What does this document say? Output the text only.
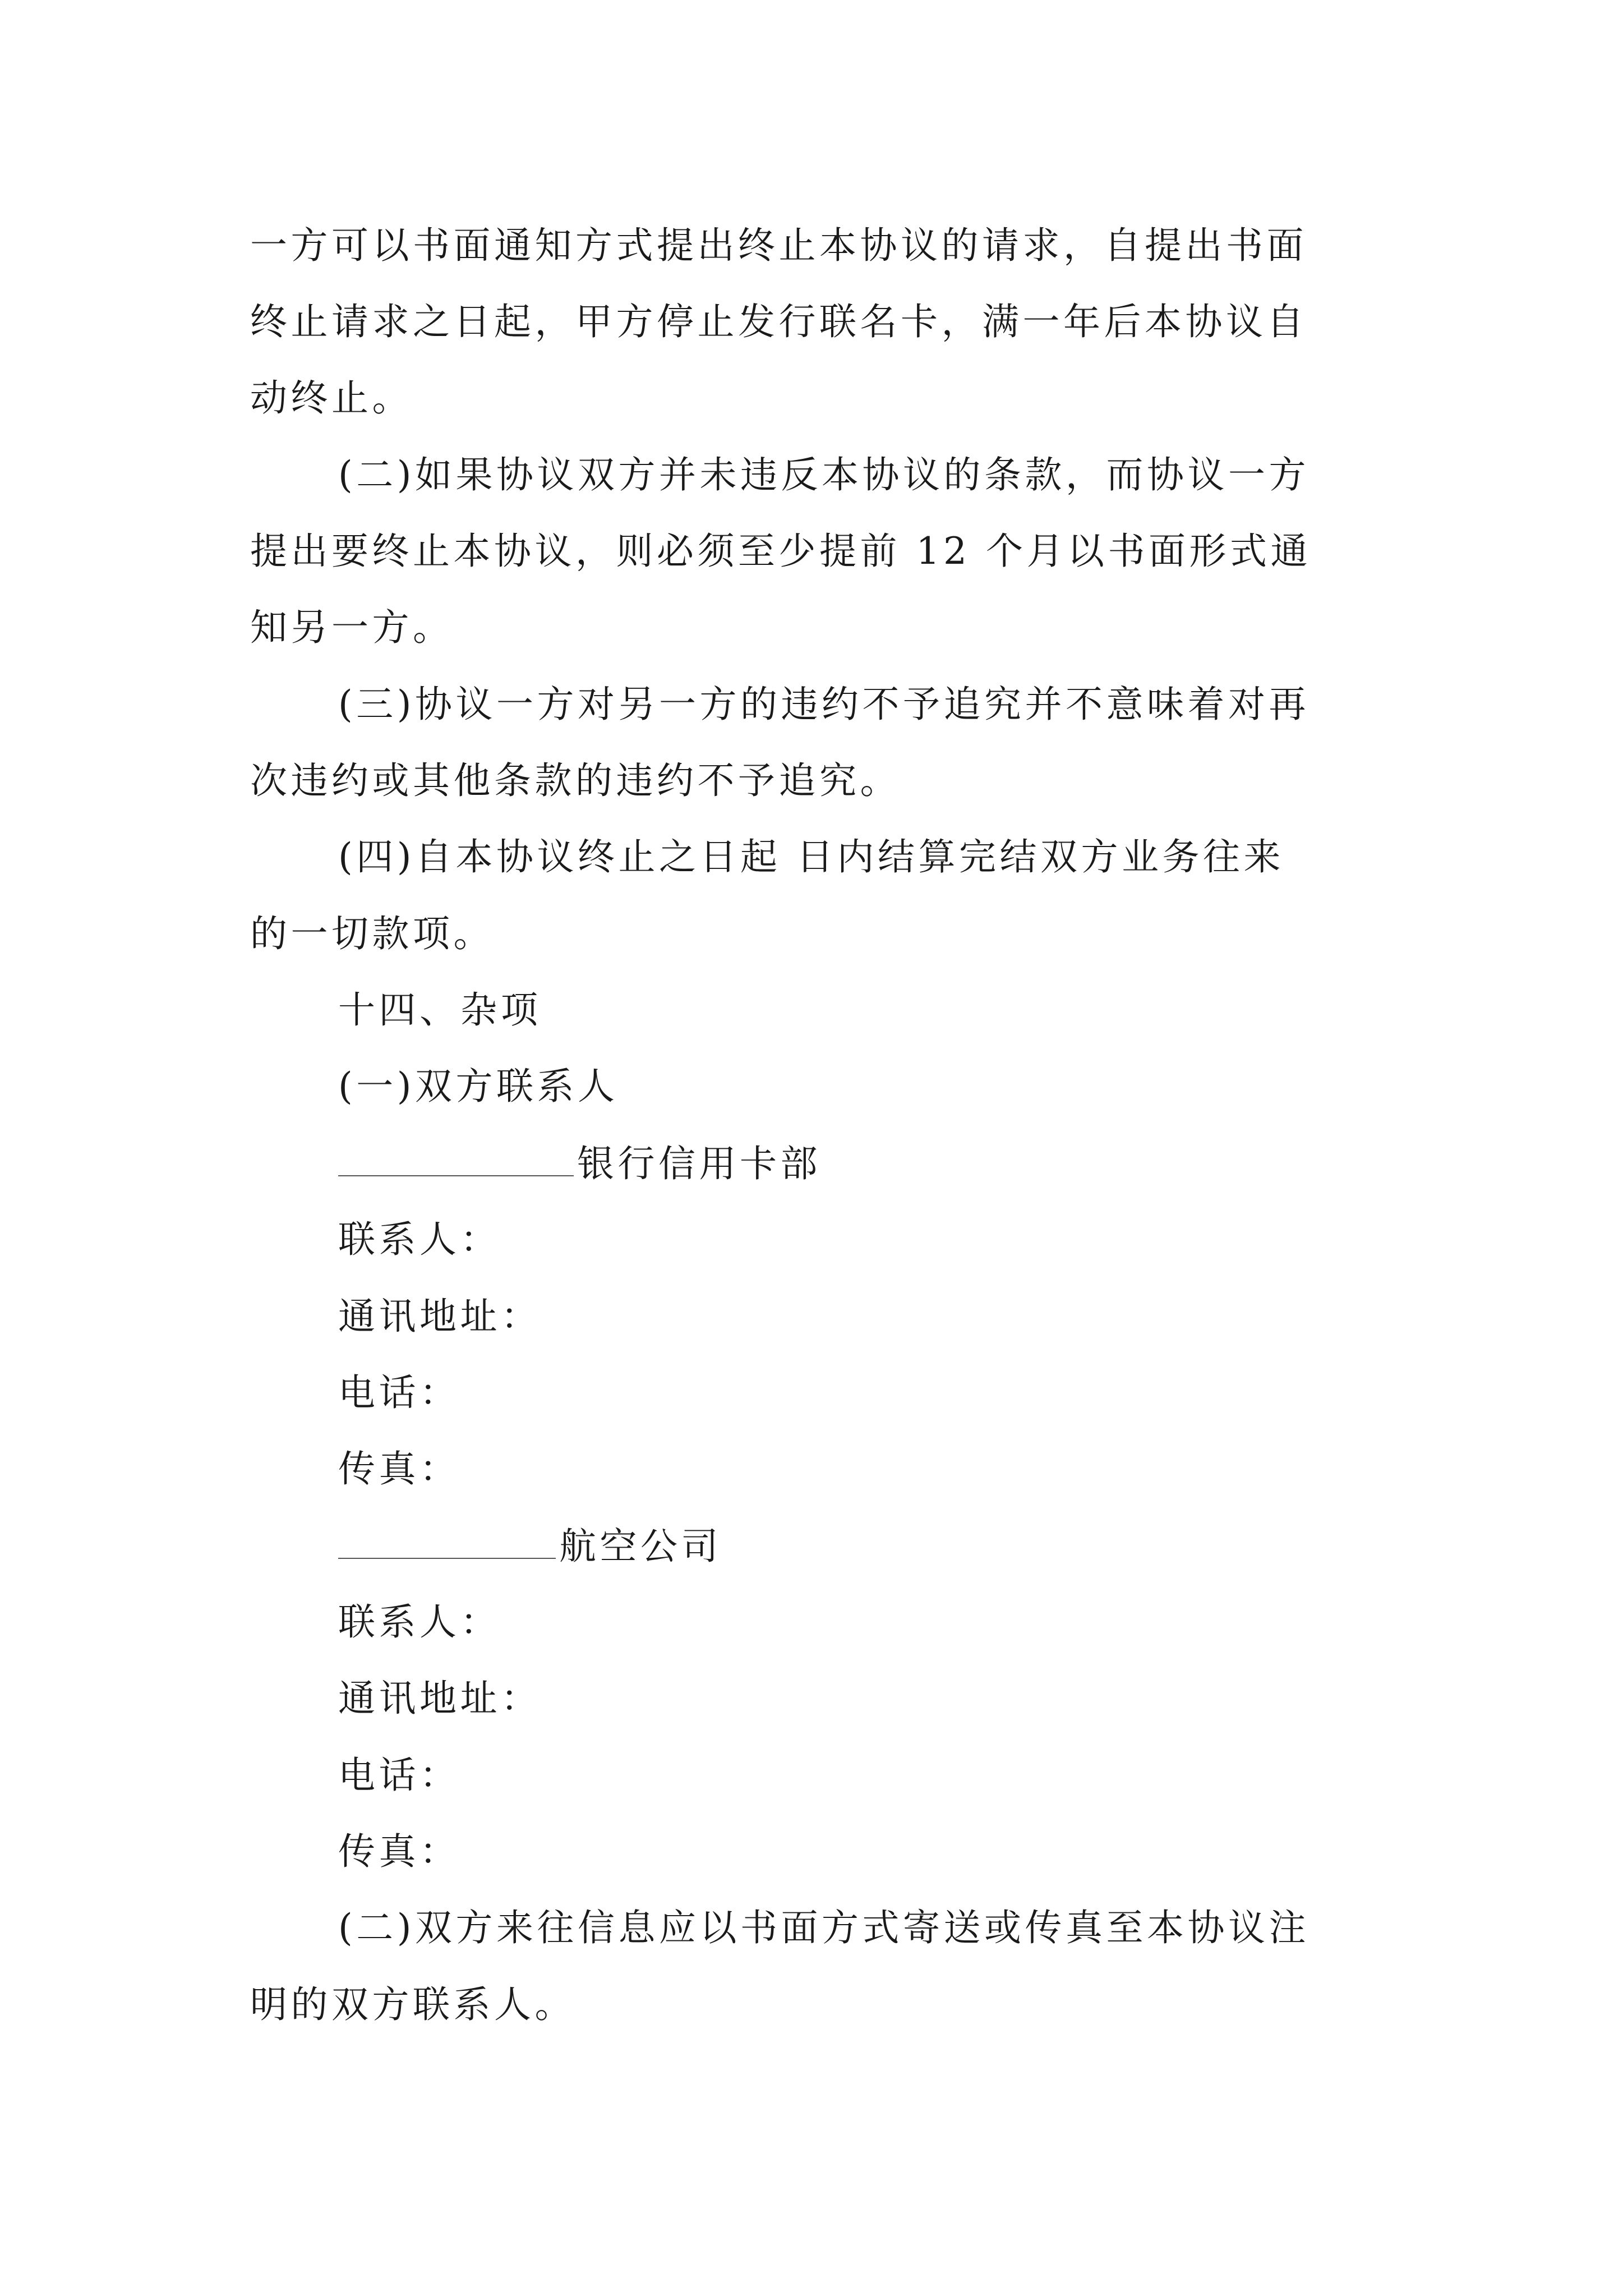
一方可以书面通知方式提出终止本协议的请求，自提出书面
终止请求之日起，甲方停止发行联名卡，满一年后本协议自
动终止。
(二)如果协议双方并未违反本协议的条款，而协议一方
提出要终止本协议，则必须至少提前 12 个月以书面形式通
知另一方。
(三)协议一方对另一方的违约不予追究并不意味着对再
次违约或其他条款的违约不予追究。
(四)自本协议终止之日起 日内结算完结双方业务往来
的一切款项。
十四、杂项
(一)双方联系人
银行信用卡部
联系人：
通讯地址：
电话：
传真：
航空公司
联系人：
通讯地址：
电话：
传真：
(二)双方来往信息应以书面方式寄送或传真至本协议注
明的双方联系人。
